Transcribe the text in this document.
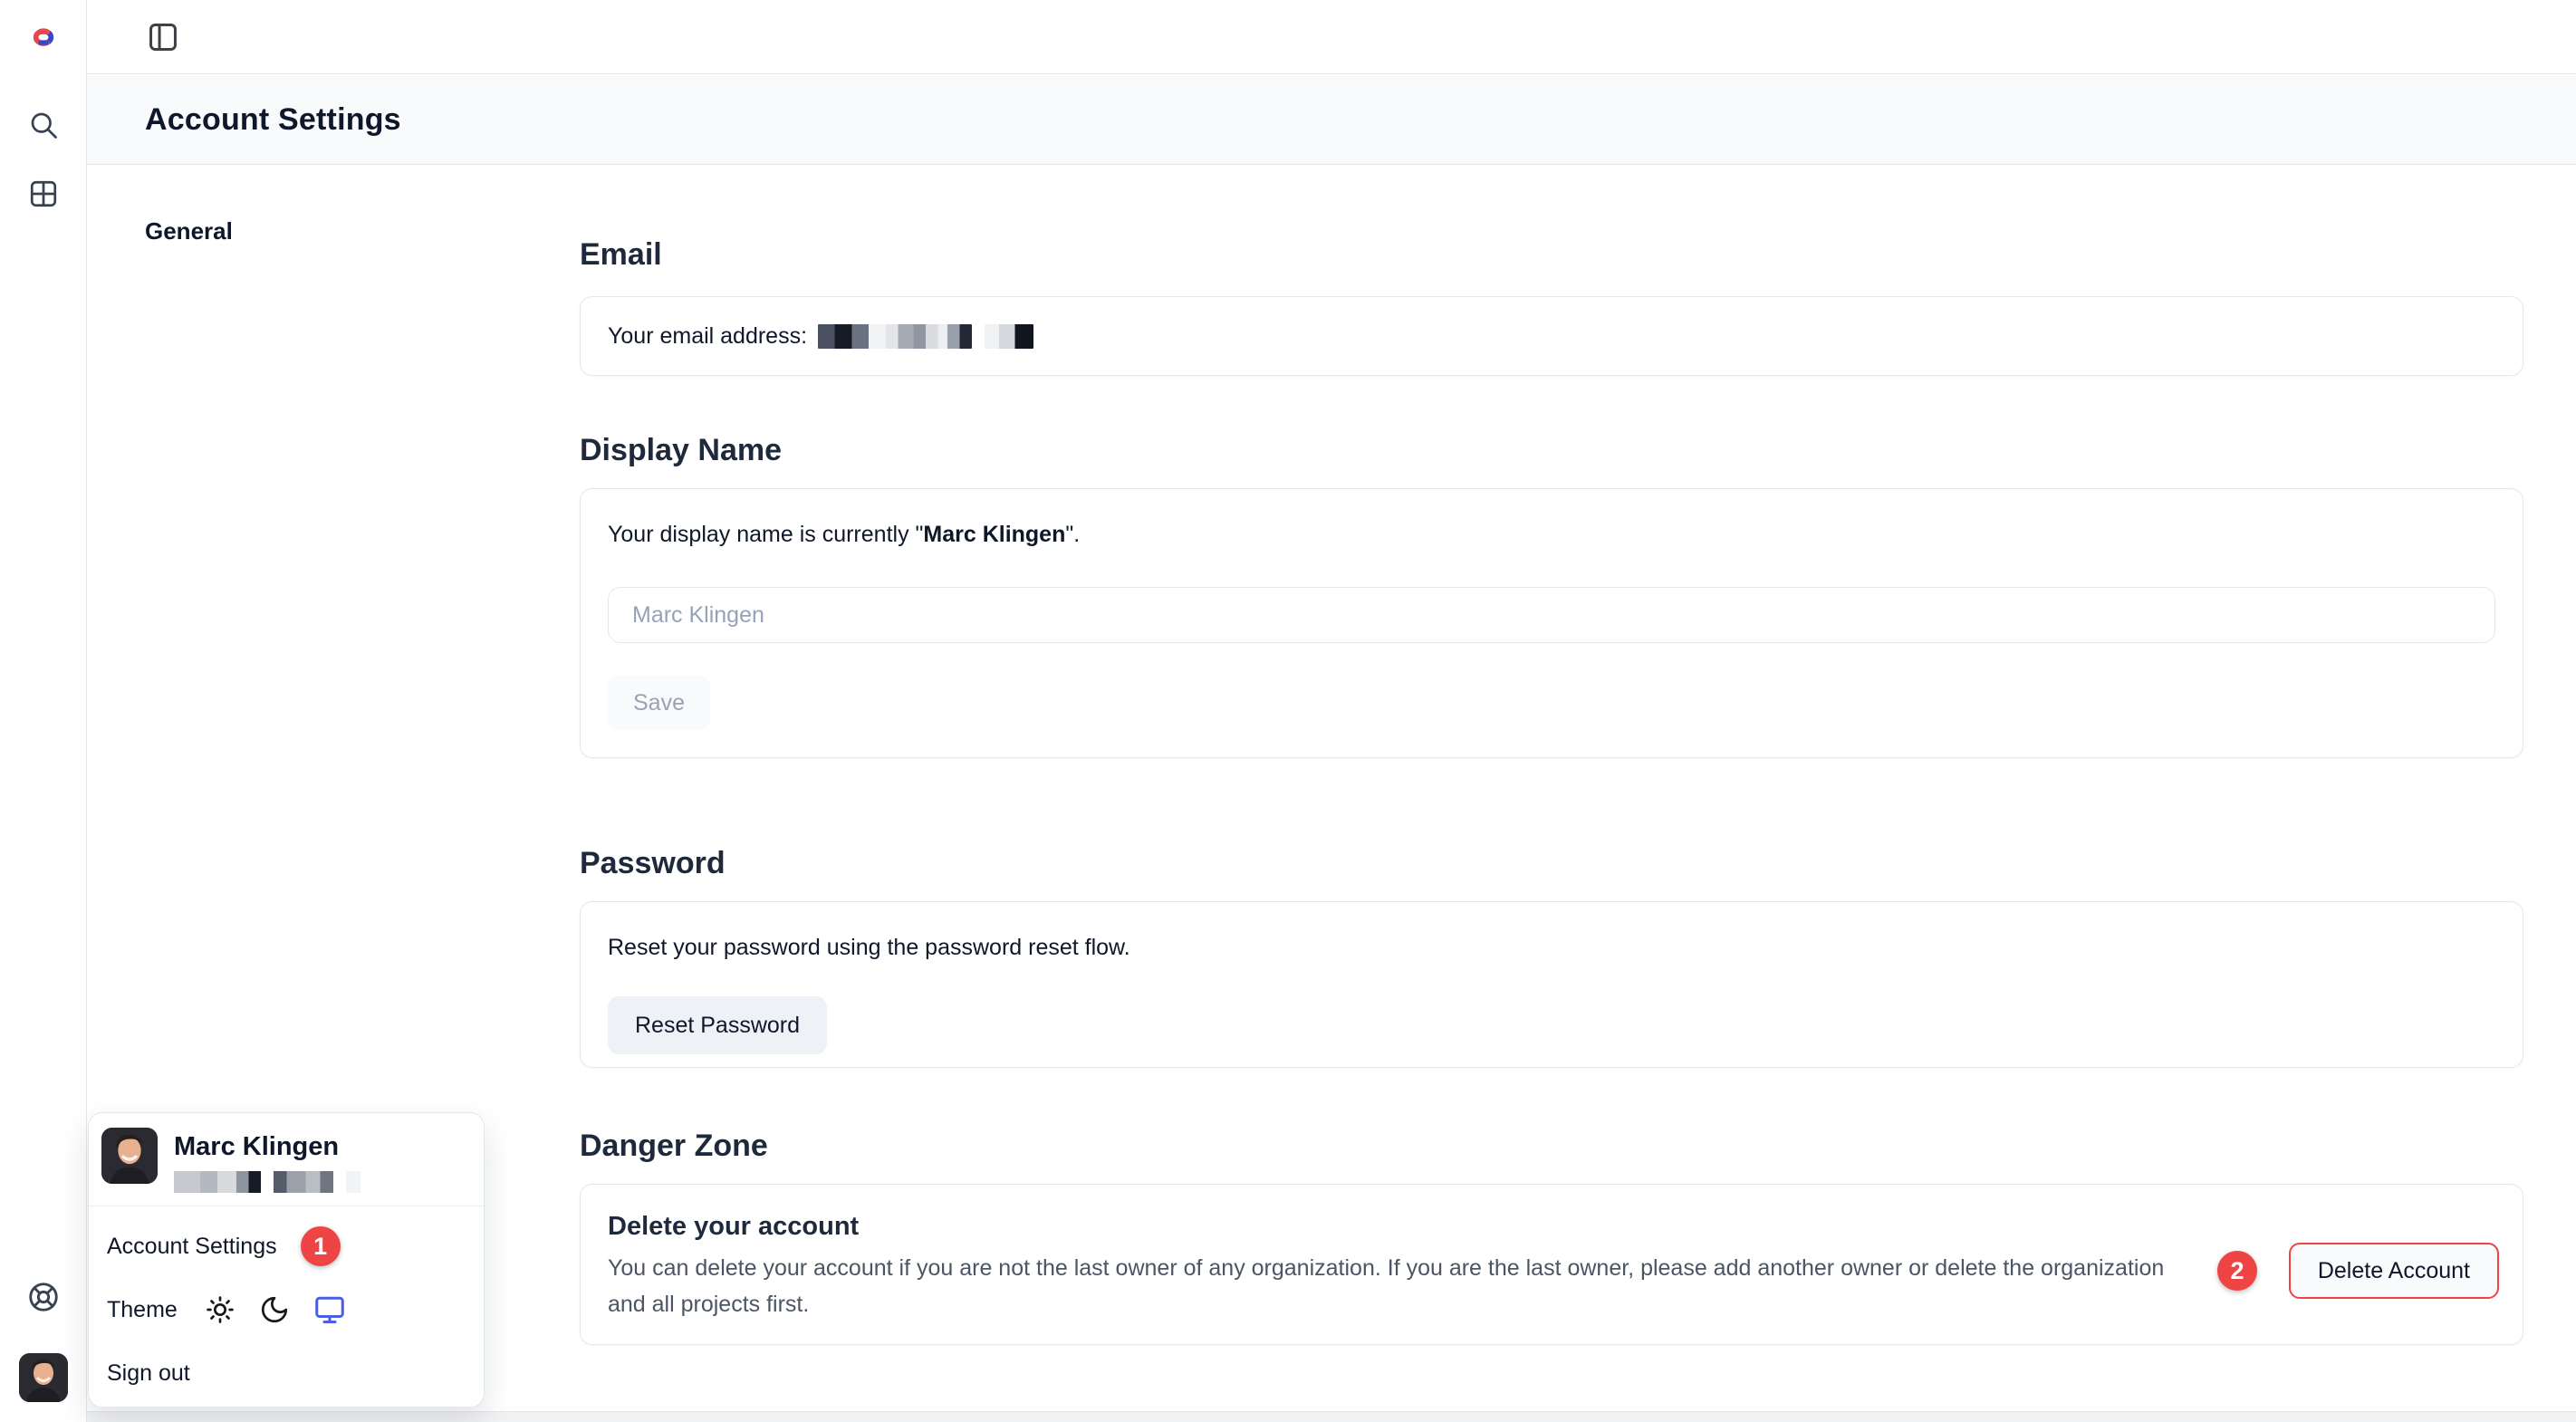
Account Settings
General
Email
Your email address:
Display Name
Your display name is currently "Marc Klingen".
Marc Klingen Save
Password
Reset your password using the password reset flow.
Reset Password
Danger Zone
Delete your account
You can delete your account if you are not the last owner of any organization. If you are the last owner, please add another owner or delete the organization and all projects first.
2	Delete Account
Marc Klingen
Account Settings	1
Theme
Sign out
